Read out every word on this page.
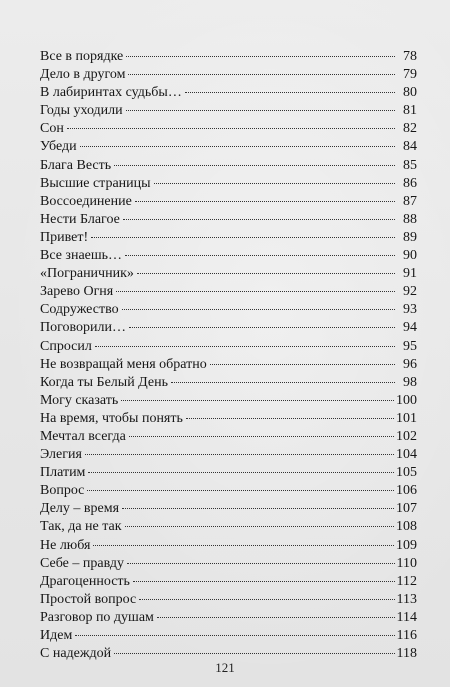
Все в порядке	78
Дело в другом	79
В лабиринтах судьбы…	80
Годы уходили	81
Сон	82
Убеди	84
Блага Весть	85
Высшие страницы	86
Воссоединение	87
Нести Благое	88
Привет!	89
Все знаешь…	90
«Пограничник»	91
Зарево Огня	92
Содружество	93
Поговорили…	94
Спросил	95
Не возвращай меня обратно	96
Когда ты Белый День	98
Могу сказать	100
На время, чтобы понять	101
Мечтал всегда	102
Элегия	104
Платим	105
Вопрос	106
Делу – время	107
Так, да не так	108
Не любя	109
Себе – правду	110
Драгоценность	112
Простой вопрос	113
Разговор по душам	114
Идем	116
С надеждой	118
121
